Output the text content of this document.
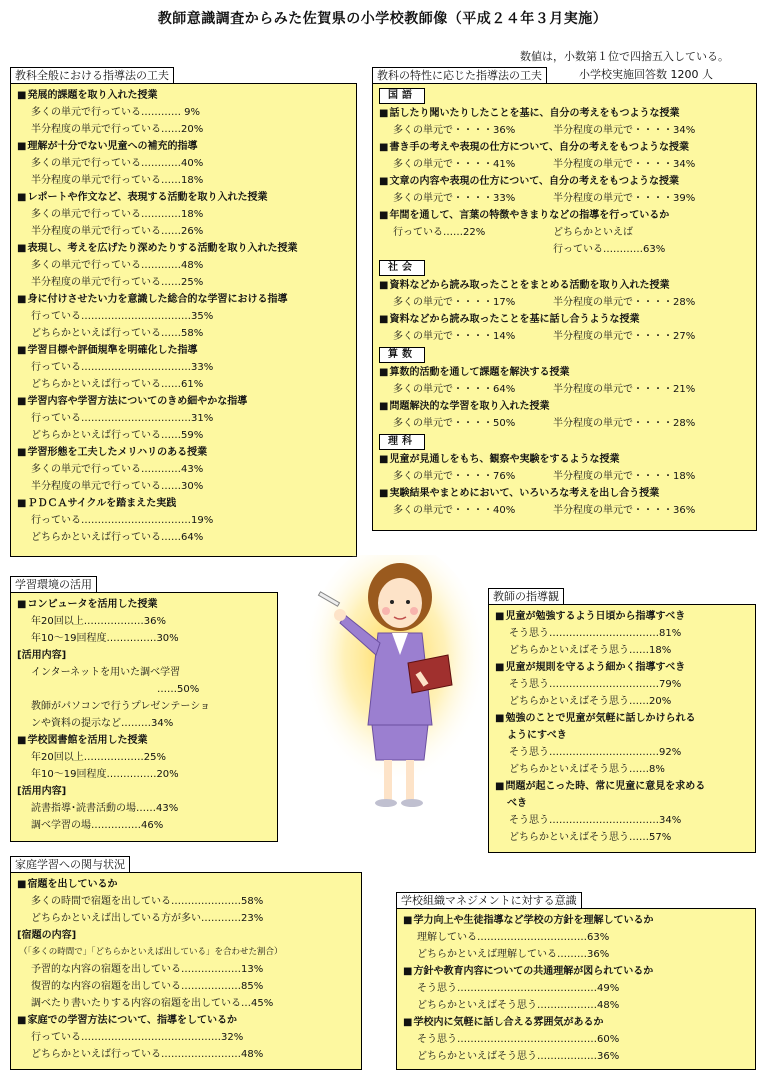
教師意識調査からみた佐賀県の小学校教師像（平成２４年３月実施）
数値は，小数第１位で四捨五入している。
教科全般における指導法の工夫
■ 発展的課題を取り入れた授業
多くの単元で行っている………… 9%
半分程度の単元で行っている……20%
■ 理解が十分でない児童への補充的指導
多くの単元で行っている…………40%
半分程度の単元で行っている……18%
■ レポートや作文など、表現する活動を取り入れた授業
多くの単元で行っている…………18%
半分程度の単元で行っている……26%
■ 表現し、考えを広げたり深めたりする活動を取り入れた授業
多くの単元で行っている…………48%
半分程度の単元で行っている……25%
■ 身に付けさせたい力を意識した総合的な学習における指導
行っている……………………………35%
どちらかといえば行っている……58%
■ 学習目標や評価規準を明確化した指導
行っている……………………………33%
どちらかといえば行っている……61%
■ 学習内容や学習方法についてのきめ細やかな指導
行っている……………………………31%
どちらかといえば行っている……59%
■ 学習形態を工夫したメリハリのある授業
多くの単元で行っている…………43%
半分程度の単元で行っている……30%
■ ＰＤＣＡサイクルを踏まえた実践
行っている……………………………19%
どちらかといえば行っている……64%
教科の特性に応じた指導法の工夫	小学校実施回答数 1200 人
国語
■ 話したり聞いたりしたことを基に、自分の考えをもつような授業
多くの単元で・・・・36%	半分程度の単元で・・・・34%
■ 書き手の考えや表現の仕方について、自分の考えをもつような授業
多くの単元で・・・・41%	半分程度の単元で・・・・34%
■ 文章の内容や表現の仕方について、自分の考えをもつような授業
多くの単元で・・・・33%	半分程度の単元で・・・・39%
■ 年間を通して、言葉の特徴やきまりなどの指導を行っているか
行っている……22%	どちらかといえば
行っている…………63%
社会
■ 資料などから読み取ったことをまとめる活動を取り入れた授業
多くの単元で・・・・17%	半分程度の単元で・・・・28%
■ 資料などから読み取ったことを基に話し合うような授業
多くの単元で・・・・14%	半分程度の単元で・・・・27%
算数
■ 算数的活動を通して課題を解決する授業
多くの単元で・・・・64%	半分程度の単元で・・・・21%
■ 問題解決的な学習を取り入れた授業
多くの単元で・・・・50%	半分程度の単元で・・・・28%
理科
■ 児童が見通しをもち、観察や実験をするような授業
多くの単元で・・・・76%	半分程度の単元で・・・・18%
■ 実験結果やまとめにおいて、いろいろな考えを出し合う授業
多くの単元で・・・・40%	半分程度の単元で・・・・36%
学習環境の活用
■ コンピュータを活用した授業
年20回以上………………36%
年10～19回程度……………30%
[活用内容]
インターネットを用いた調べ学習
……50%
教師がパソコンで行うプレゼンテーショ
ンや資料の提示など………34%
■ 学校図書館を活用した授業
年20回以上………………25%
年10～19回程度……………20%
[活用内容]
読書指導･読書活動の場……43%
調べ学習の場……………46%
教師の指導観
■ 児童が勉強するよう日頃から指導すべき
そう思う……………………………81%
どちらかといえばそう思う……18%
■ 児童が規則を守るよう細かく指導すべき
そう思う……………………………79%
どちらかといえばそう思う……20%
■ 勉強のことで児童が気軽に話しかけられる
ようにすべき
そう思う……………………………92%
どちらかといえばそう思う……8%
■ 問題が起こった時、常に児童に意見を求める
べき
そう思う……………………………34%
どちらかといえばそう思う……57%
家庭学習への関与状況
■ 宿題を出しているか
多くの時間で宿題を出している…………………58%
どちらかといえば出している方が多い…………23%
[宿題の内容]
（「多くの時間で」「どちらかといえば出している」を合わせた割合）
予習的な内容の宿題を出している………………13%
復習的な内容の宿題を出している………………85%
調べたり書いたりする内容の宿題を出している…45%
■ 家庭での学習方法について、指導をしているか
行っている……………………………………32%
どちらかといえば行っている……………………48%
学校組織マネジメントに対する意識
■ 学力向上や生徒指導など学校の方針を理解しているか
理解している……………………………63%
どちらかといえば理解している………36%
■ 方針や教育内容についての共通理解が図られているか
そう思う……………………………………49%
どちらかといえばそう思う………………48%
■ 学校内に気軽に話し合える雰囲気があるか
そう思う……………………………………60%
どちらかといえばそう思う………………36%
